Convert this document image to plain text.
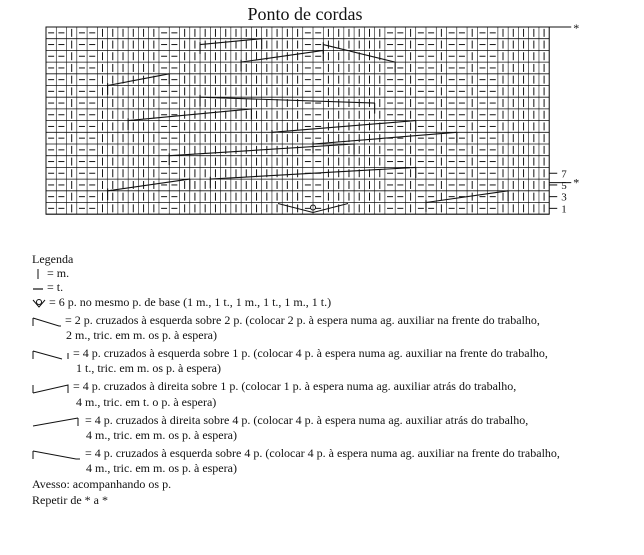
Ponto de cordas
*
*
7
5
3
1
Legenda
= m.
= t.
= 6 p. no mesmo p. de base (1 m., 1 t., 1 m., 1 t., 1 m., 1 t.)
= 2 p. cruzados à esquerda sobre 2 p. (colocar 2 p. à espera numa ag. auxiliar na frente do trabalho,
2 m., tric. em m. os p. à espera)
= 4 p. cruzados à esquerda sobre 1 p. (colocar 4 p. à espera numa ag. auxiliar na frente do trabalho,
1 t., tric. em m. os p. à espera)
= 4 p. cruzados à direita sobre 1 p. (colocar 1 p. à espera numa ag. auxiliar atrás do trabalho,
4 m., tric. em t. o p. à espera)
= 4 p. cruzados à direita sobre 4 p. (colocar 4 p. à espera numa ag. auxiliar atrás do trabalho,
4 m., tric. em m. os p. à espera)
= 4 p. cruzados à esquerda sobre 4 p. (colocar 4 p. à espera numa ag. auxiliar na frente do trabalho,
4 m., tric. em m. os p. à espera)
Avesso: acompanhando os p.
Repetir de * a *
